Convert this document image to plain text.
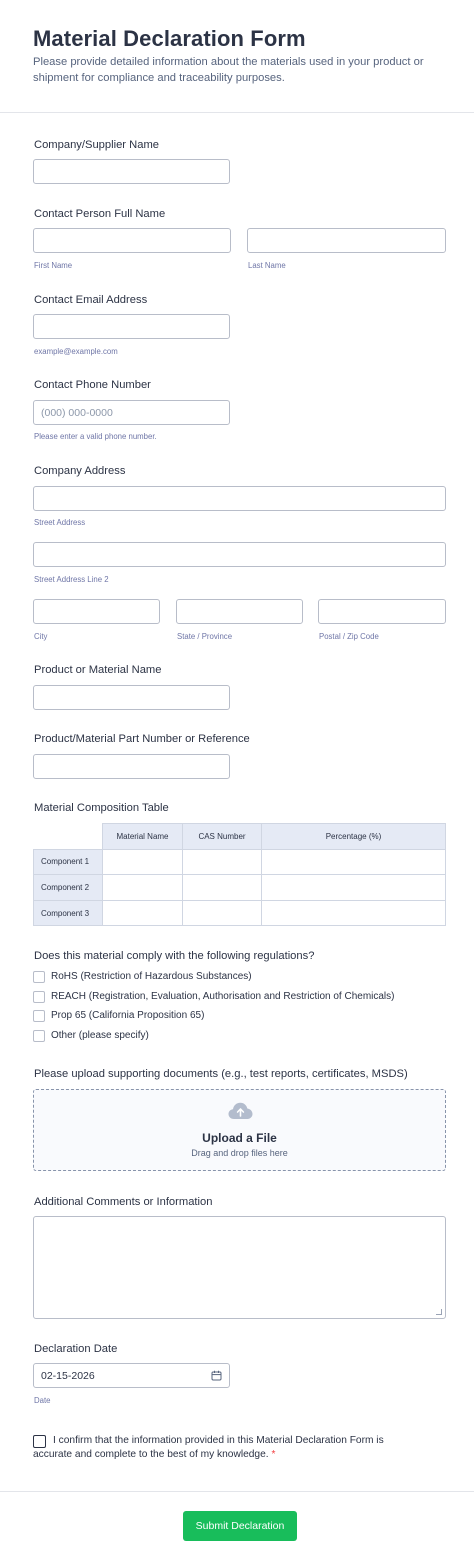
Material Declaration Form
Please provide detailed information about the materials used in your product or shipment for compliance and traceability purposes.
Company/Supplier Name
Contact Person Full Name
First Name	Last Name
Contact Email Address
example@example.com
Contact Phone Number
(000) 000-0000
Please enter a valid phone number.
Company Address
Street Address
Street Address Line 2
City	State / Province	Postal / Zip Code
Product or Material Name
Product/Material Part Number or Reference
Material Composition Table
	Material Name	CAS Number	Percentage (%)
Component 1			
Component 2			
Component 3			
Does this material comply with the following regulations?
RoHS (Restriction of Hazardous Substances)
REACH (Registration, Evaluation, Authorisation and Restriction of Chemicals)
Prop 65 (California Proposition 65)
Other (please specify)
Please upload supporting documents (e.g., test reports, certificates, MSDS)
Upload a File
Drag and drop files here
Additional Comments or Information
Declaration Date
02-15-2026
Date
I confirm that the information provided in this Material Declaration Form is accurate and complete to the best of my knowledge. *
Submit Declaration
